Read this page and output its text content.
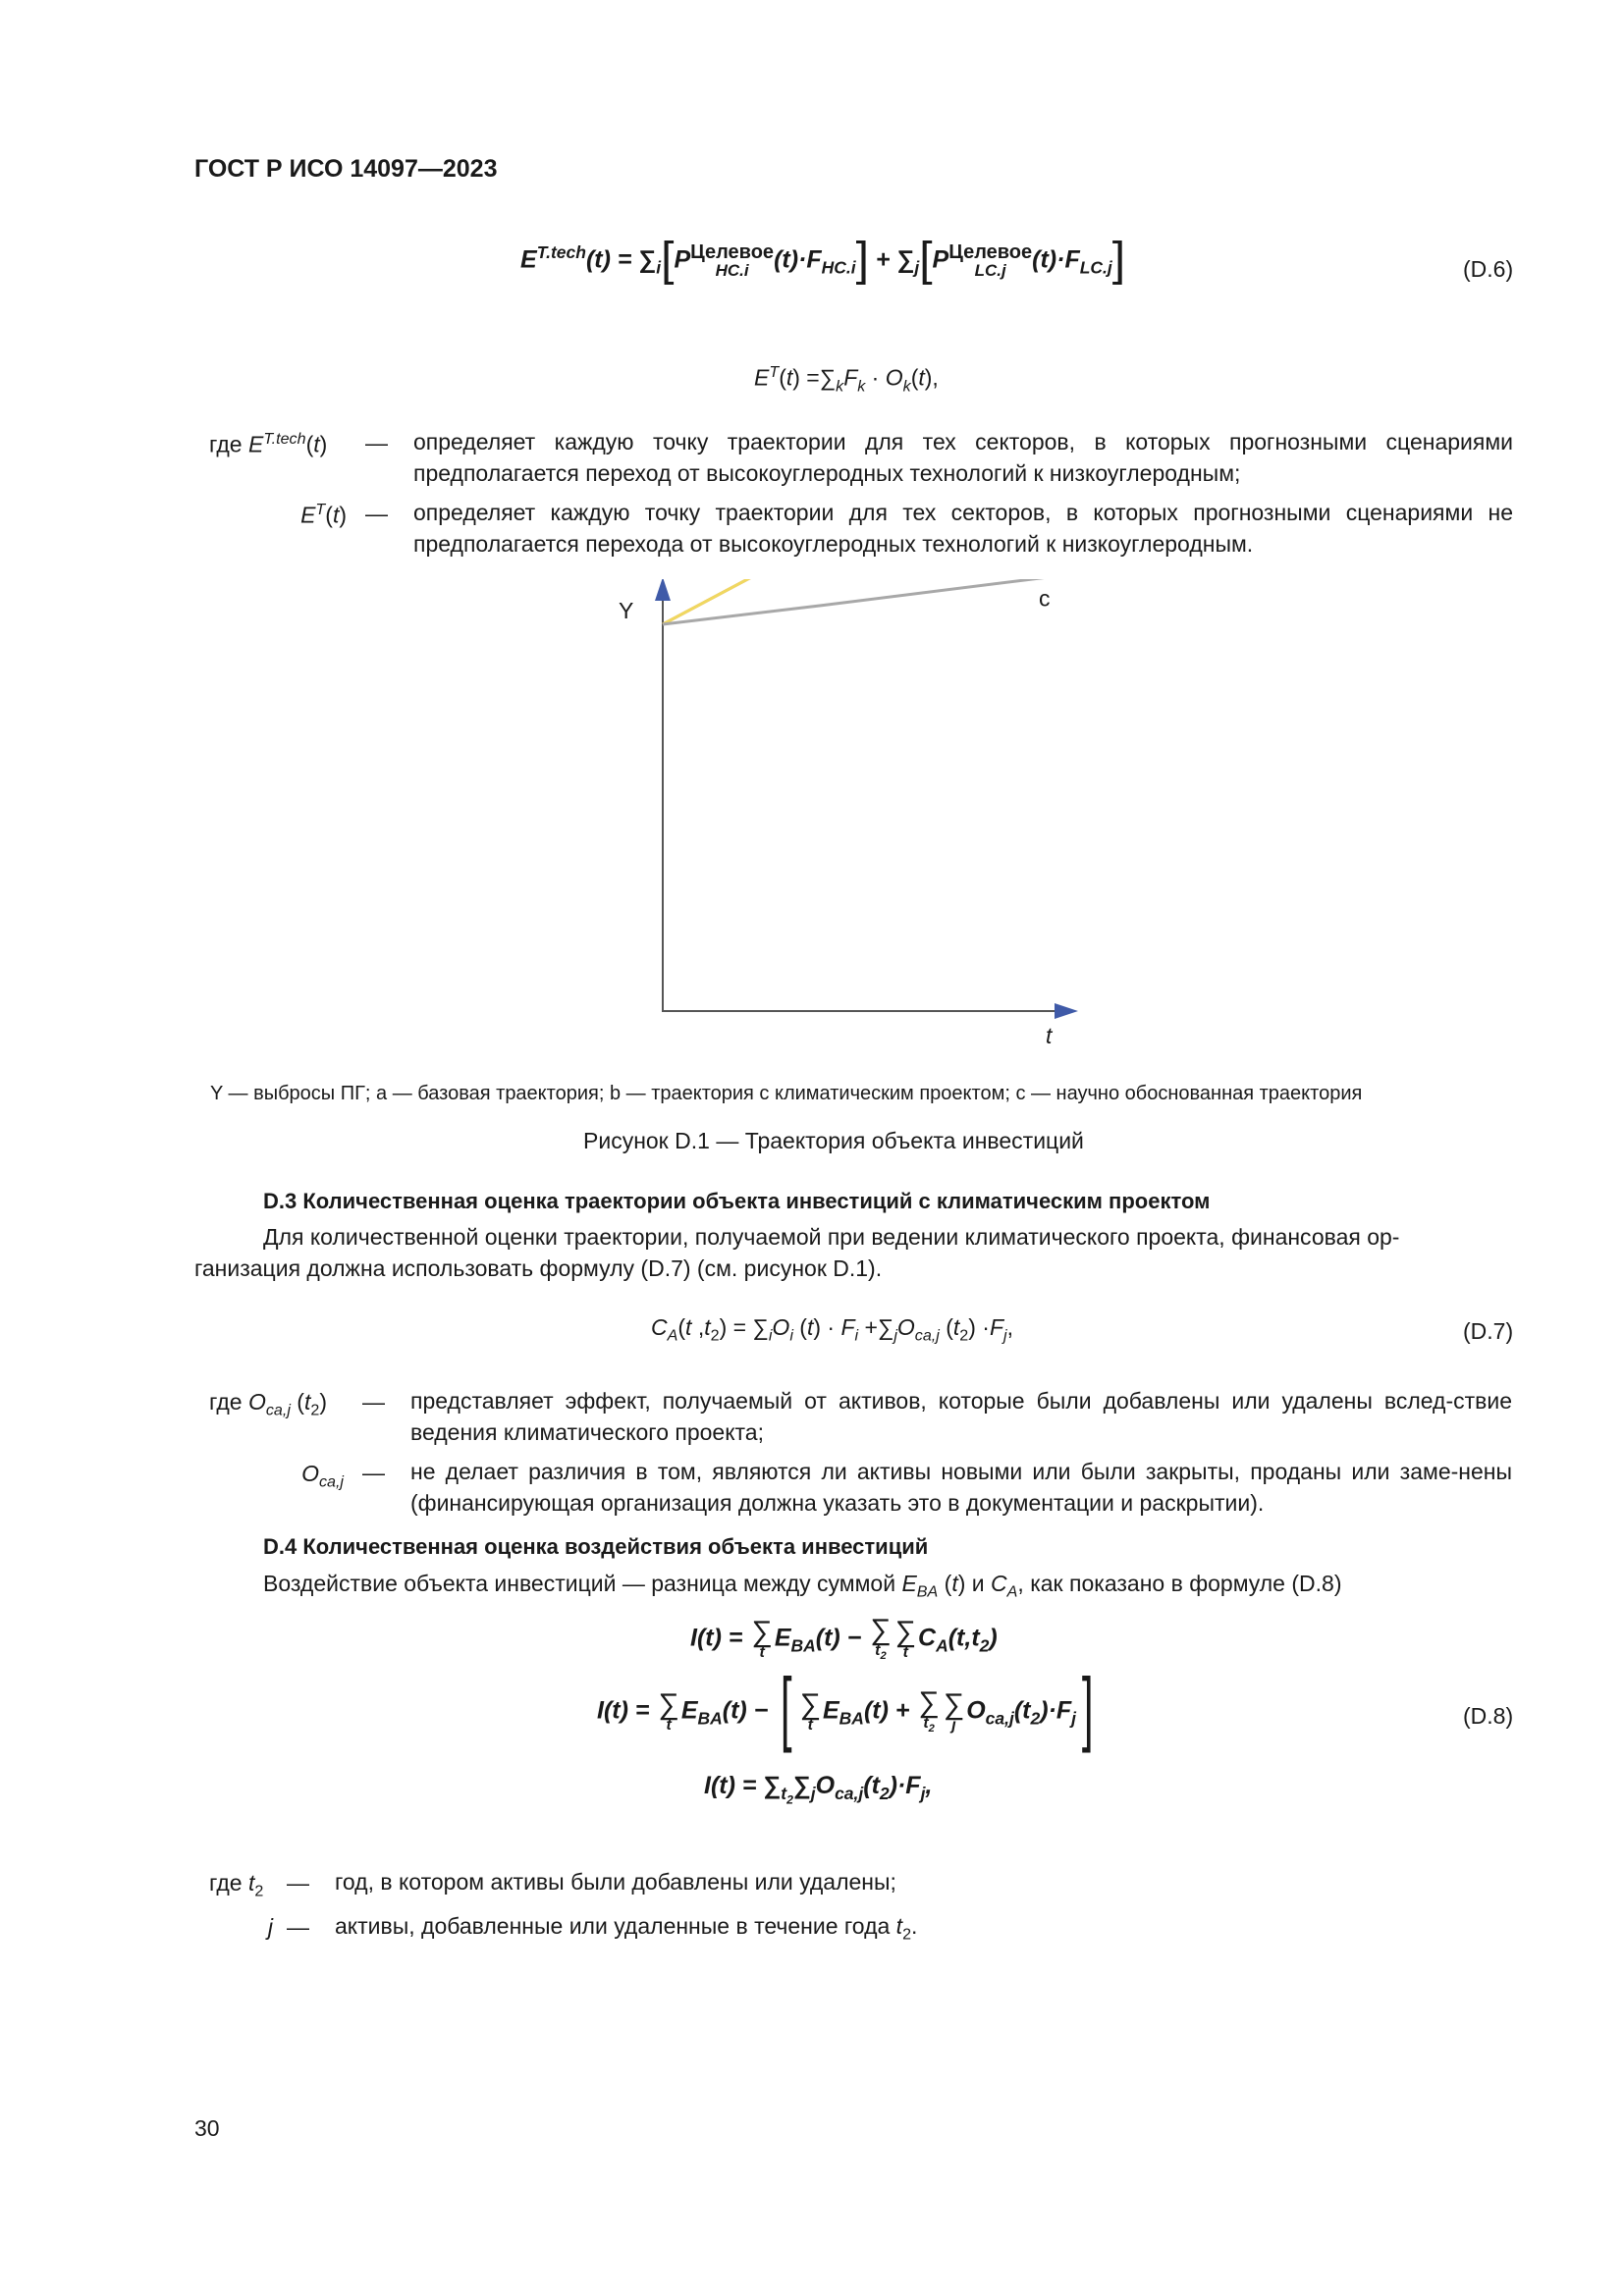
ГОСТ Р ИСО 14097—2023
$E^{T.tech}(t) = \sum_i[P$ Целевое
HC.i $(t)\cdot F_{HC.i}] + \sum_j[P$ Целевое
LC.j $(t)\cdot F_{LC.j}$]	(D.6)
$E^T(t) =\sum_kF_k \cdot O_k(t)$,
где $E^{T.tech}(t)$	— определяет каждую точку траектории для тех секторов, в которых прогнозными сценариями предполагается переход от высокоуглеродных технологий к низкоуглеродным;
$E^T(t)$ — определяет каждую точку траектории для тех секторов, в которых прогнозными сценариями не предполагается перехода от высокоуглеродных технологий к низкоуглеродным.
Y
t
c
Y — выбросы ПГ; а — базовая траектория; b — траектория с климатическим проектом; с — научно обоснованная траектория
Рисунок D.1 — Траектория объекта инвестиций
D.3 Количественная оценка траектории объекта инвестиций с климатическим проектом
Для количественной оценки траектории, получаемой при ведении климатического проекта, финансовая ор-
ганизация должна использовать формулу (D.7) (см. рисунок D.1).
$C_A(t$ $,t_2) = \sum_iO_i$ $(t) \cdot F_i +\sum_jO_{ca,j}$ $(t_2) \cdot F_j$,	(D.7)
где $O_{ca,j}$ $(t_2)$	— представляет эффект, получаемый от активов, которые были добавлены или удалены вслед-ствие ведения климатического проекта;
$O_{ca,j}$ — не делает различия в том, являются ли активы новыми или были закрыты, проданы или заме-нены (финансирующая организация должна указать это в документации и раскрытии).
D.4 Количественная оценка воздействия объекта инвестиций
Воздействие объекта инвестиций — разница между суммой $E_{BA}$ (t) и $C_A$, как показано в формуле (D.8)
I(t) = ∑
t
$E_{BA}(t)$ − ∑
$t_2$
∑
t
$C_A(t,t_2)$
I(t) = ∑
t
$E_{BA}(t)$ − [ ∑
t
$E_{BA}(t)$ + ∑
$t_2$
∑
j
$O_{ca,j}(t_2)\cdot F_j$]	(D.8)
$I(t) = \sum_{t_2}\sum_jO_{ca,j}(t_2)\cdot F_j$,
где $t_2$ — год, в котором активы были добавлены или удалены;
j — активы, добавленные или удаленные в течение года $t_2$.
30
